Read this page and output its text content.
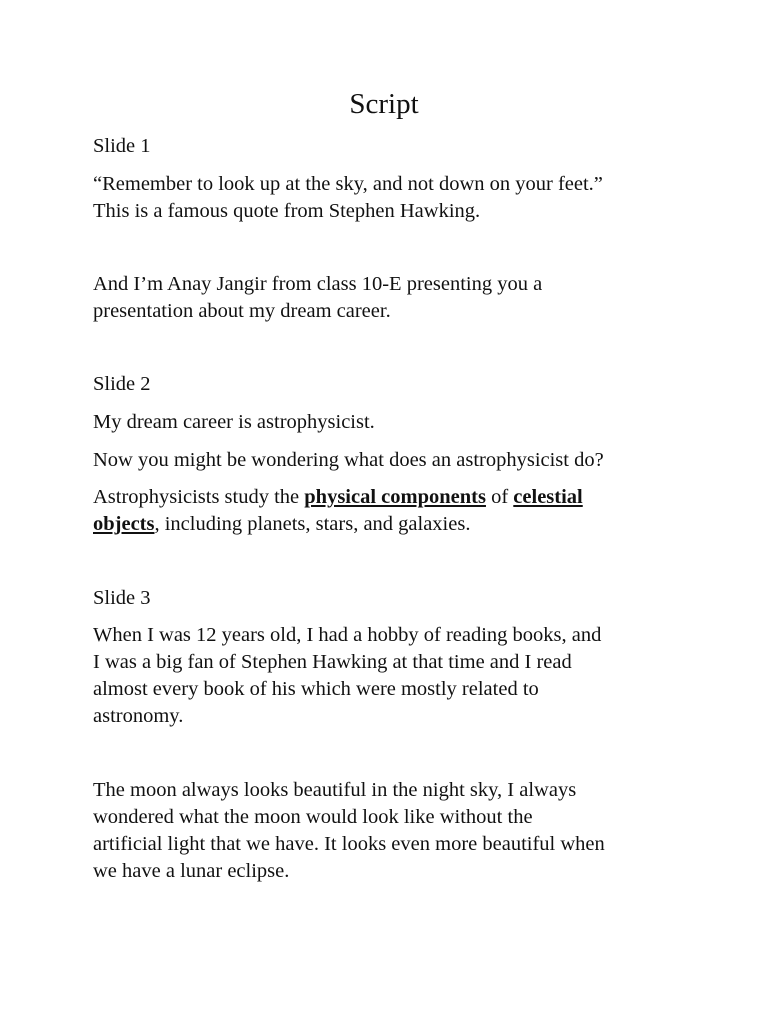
Script
Slide 1
“Remember to look up at the sky, and not down on your feet.”
This is a famous quote from Stephen Hawking.
And I’m Anay Jangir from class 10-E presenting you a
presentation about my dream career.
Slide 2
My dream career is astrophysicist.
Now you might be wondering what does an astrophysicist do?
Astrophysicists study the physical components of celestial
objects, including planets, stars, and galaxies.
Slide 3
When I was 12 years old, I had a hobby of reading books, and
I was a big fan of Stephen Hawking at that time and I read
almost every book of his which were mostly related to
astronomy.
The moon always looks beautiful in the night sky, I always
wondered what the moon would look like without the
artificial light that we have. It looks even more beautiful when
we have a lunar eclipse.
